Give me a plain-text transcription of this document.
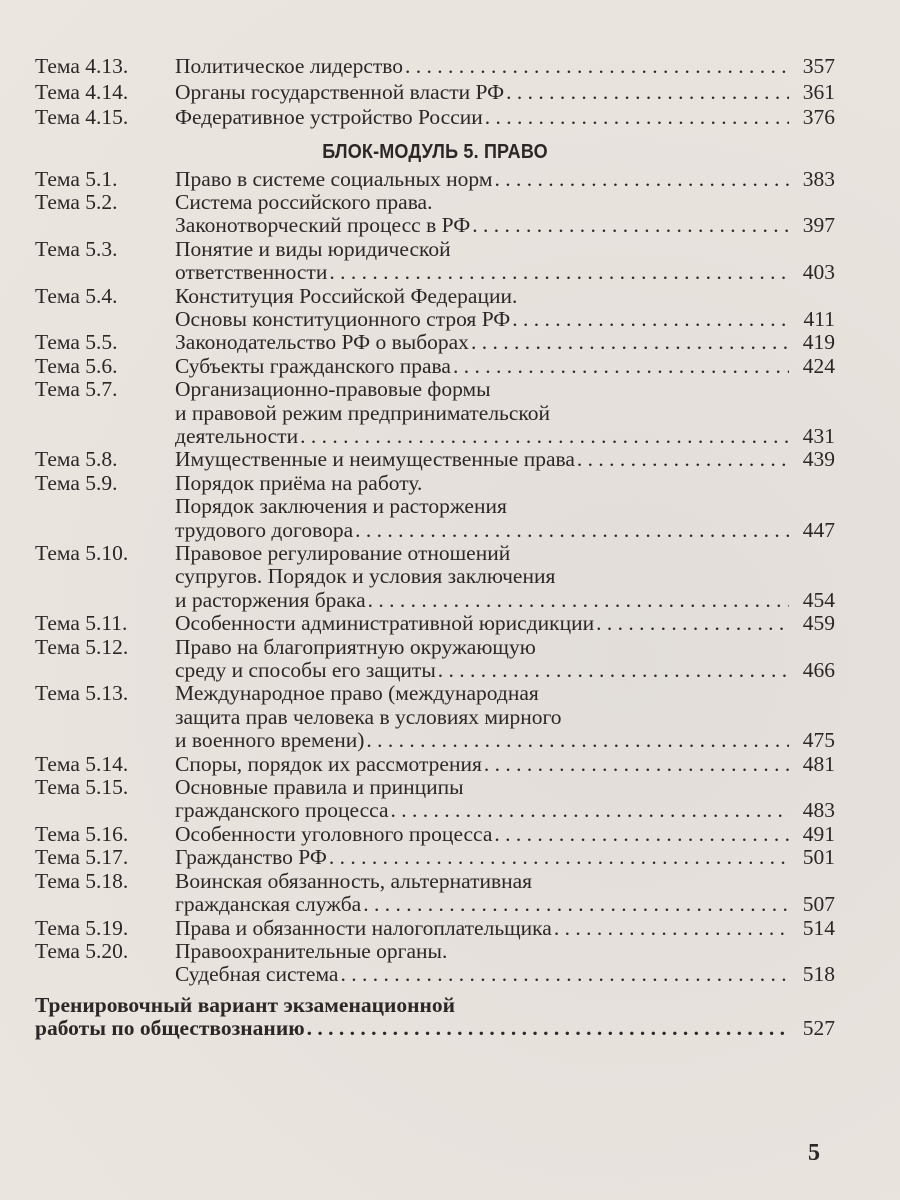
Тема 4.13.	Политическое лидерство . . .	357
Тема 4.14.	Органы государственной власти РФ . . .	361
Тема 4.15.	Федеративное устройство России . . .	376
БЛОК-МОДУЛЬ 5. ПРАВО
Тема 5.1.	Право в системе социальных норм . . .	383
Тема 5.2.	Система российского права.
Законотворческий процесс в РФ . . .	397
Тема 5.3.	Понятие и виды юридической
ответственности . . .	403
Тема 5.4.	Конституция Российской Федерации.
Основы конституционного строя РФ . . .	411
Тема 5.5.	Законодательство РФ о выборах . . .	419
Тема 5.6.	Субъекты гражданского права . . .	424
Тема 5.7.	Организационно-правовые формы
и правовой режим предпринимательской
деятельности . . .	431
Тема 5.8.	Имущественные и неимущественные права . . .	439
Тема 5.9.	Порядок приёма на работу.
Порядок заключения и расторжения
трудового договора . . .	447
Тема 5.10.	Правовое регулирование отношений
супругов. Порядок и условия заключения
и расторжения брака . . .	454
Тема 5.11.	Особенности административной юрисдикции . . .	459
Тема 5.12.	Право на благоприятную окружающую
среду и способы его защиты . . .	466
Тема 5.13.	Международное право (международная
защита прав человека в условиях мирного
и военного времени) . . .	475
Тема 5.14.	Споры, порядок их рассмотрения . . .	481
Тема 5.15.	Основные правила и принципы
гражданского процесса . . .	483
Тема 5.16.	Особенности уголовного процесса . . .	491
Тема 5.17.	Гражданство РФ . . .	501
Тема 5.18.	Воинская обязанность, альтернативная
гражданская служба . . .	507
Тема 5.19.	Права и обязанности налогоплательщика . . .	514
Тема 5.20.	Правоохранительные органы.
Судебная система . . .	518
Тренировочный вариант экзаменационной
работы по обществознанию . . .	527
5
